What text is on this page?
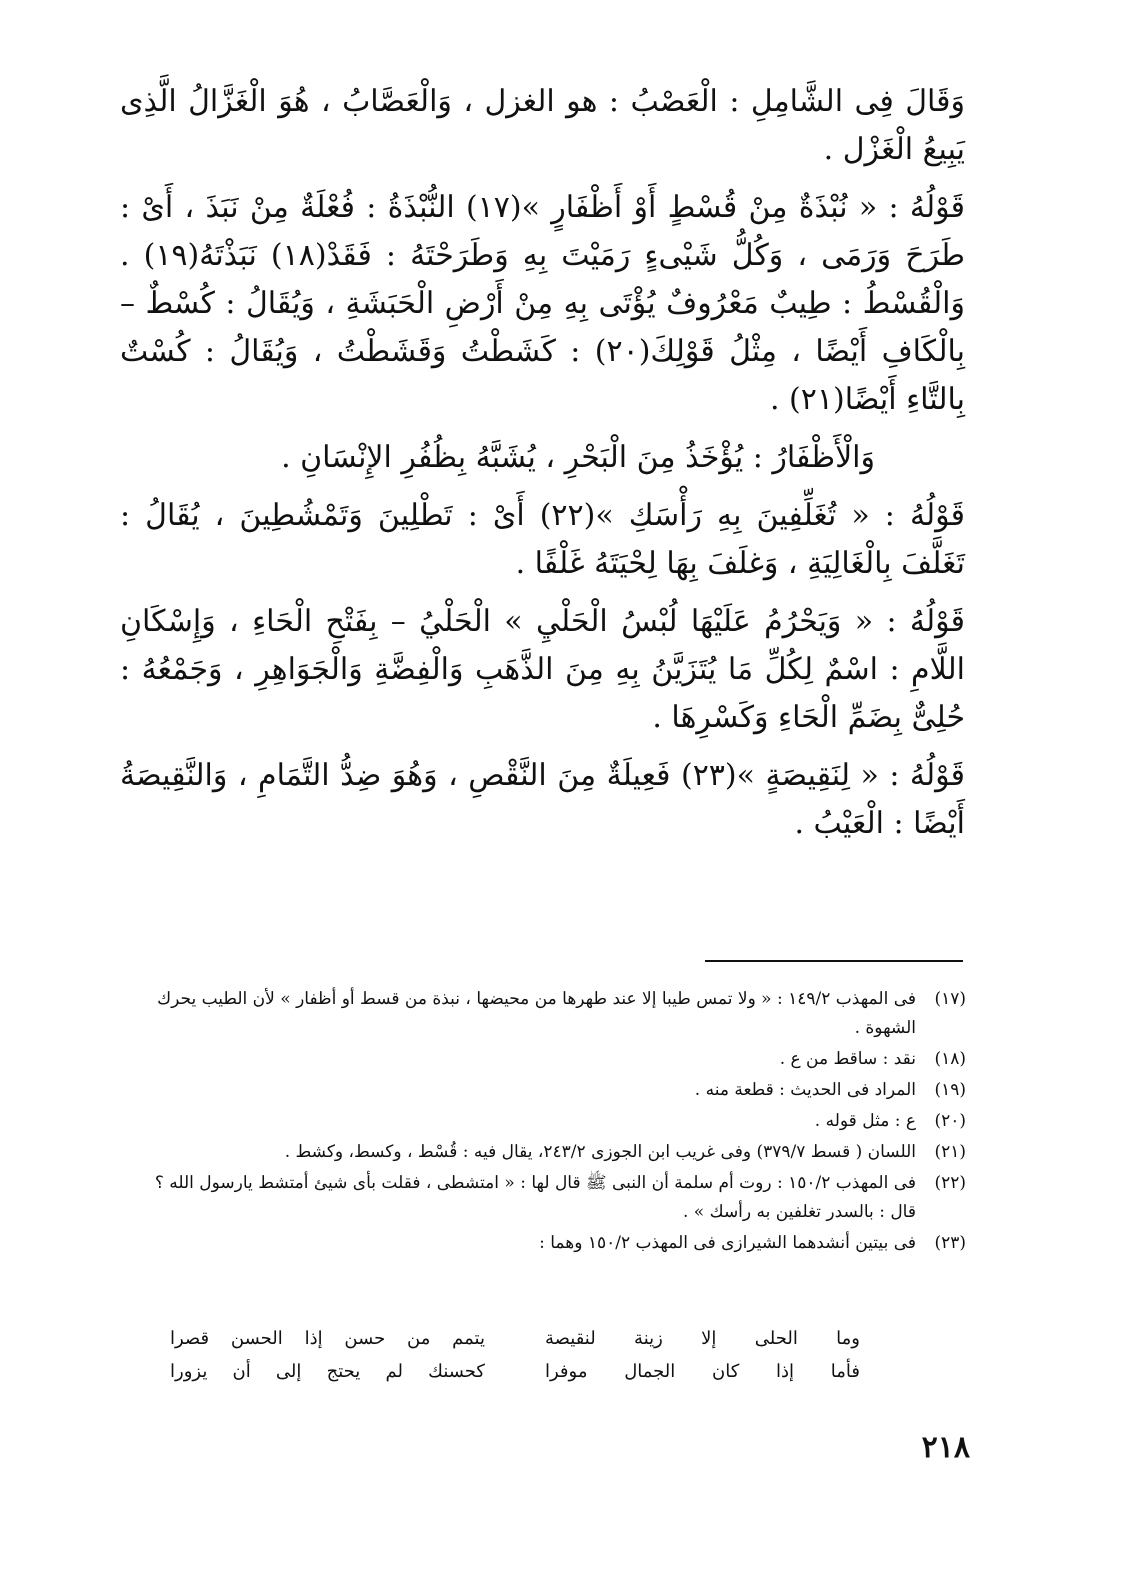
وَقَالَ فِى الشَّامِلِ : الْعَصْبُ : هو الغزل ، وَالْعَصَّابُ ، هُوَ الْغَزَّالُ الَّذِى يَبِيعُ الْغَزْل .

قَوْلُهُ : « نُبْذَةٌ مِنْ قُسْطٍ أَوْ أَظْفَارٍ »(١٧) النُّبْذَةُ : فُعْلَةٌ مِنْ نَبَذَ ، أَىْ : طَرَحَ وَرَمَى ، وَكُلُّ شَيْىءٍ رَمَيْتَ بِهِ وَطَرَحْتَهُ : فَقَدْ(١٨) نَبَذْتَهُ(١٩) . وَالْقُسْطُ : طِيبٌ مَعْرُوفٌ يُؤْتَى بِهِ مِنْ أَرْضِ الْحَبَشَةِ ، وَيُقَالُ : كُسْطٌ – بِالْكَافِ أَيْضًا ، مِثْلُ قَوْلِكَ(٢٠) : كَشَطْتُ وَقَشَطْتُ ، وَيُقَالُ : كُسْتٌ بِالتَّاءِ أَيْضًا(٢١) .

وَالْأَظْفَارُ : يُؤْخَذُ مِنَ الْبَحْرِ ، يُشَبَّهُ بِظُفُرِ الإِنْسَانِ .

قَوْلُهُ : « تُغَلِّفِينَ بِهِ رَأْسَكِ »(٢٢) أَىْ : تَطْلِينَ وَتَمْشُطِينَ ، يُقَالُ : تَغَلَّفَ بِالْغَالِيَةِ ، وَغلَفَ بِهَا لِحْيَتَهُ غَلْفًا .

قَوْلُهُ : « وَيَحْرُمُ عَلَيْهَا لُبْسُ الْحَلْيِ » الْحَلْيُ – بِفَتْحِ الْحَاءِ ، وَإِسْكَانِ اللَّامِ : اسْمٌ لِكُلِّ مَا يُتَزَيَّنُ بِهِ مِنَ الذَّهَبِ وَالْفِضَّةِ وَالْجَوَاهِرِ ، وَجَمْعُهُ : حُلِىٌّ بِضَمِّ الْحَاءِ وَكَسْرِهَا .

قَوْلُهُ : « لِنَقِيصَةٍ »(٢٣) فَعِيلَةٌ مِنَ النَّقْصِ ، وَهُوَ ضِدُّ التَّمَامِ ، وَالنَّقِيصَةُ أَيْضًا : الْعَيْبُ .

(١٧)
فى المهذب ١٤٩/٢ : « ولا تمس طيبا إلا عند طهرها من محيضها ، نبذة من قسط أو أظفار » لأن الطيب يحرك الشهوة .
(١٨)
نقد : ساقط من ع .
(١٩)
المراد فى الحديث : قطعة منه .
(٢٠)
ع : مثل قوله .
(٢١)
اللسان ( قسط ٣٧٩/٧) وفى غريب ابن الجوزى ٢٤٣/٢، يقال فيه : قُسْط ، وكسط، وكشط .
(٢٢)
فى المهذب ١٥٠/٢ : روت أم سلمة أن النبى ﷺ قال لها : « امتشطى ، فقلت بأى شيئ أمتشط يارسول الله ؟ قال : بالسدر تغلفين به رأسك » .
(٢٣)
فى بيتين أنشدهما الشيرازى فى المهذب ١٥٠/٢ وهما :
وما الحلى إلا زينة لنقيصة
يتمم من حسن إذا الحسن قصرا
فأما إذا كان الجمال موفرا
كحسنك لم يحتج إلى أن يزورا
٢١٨
